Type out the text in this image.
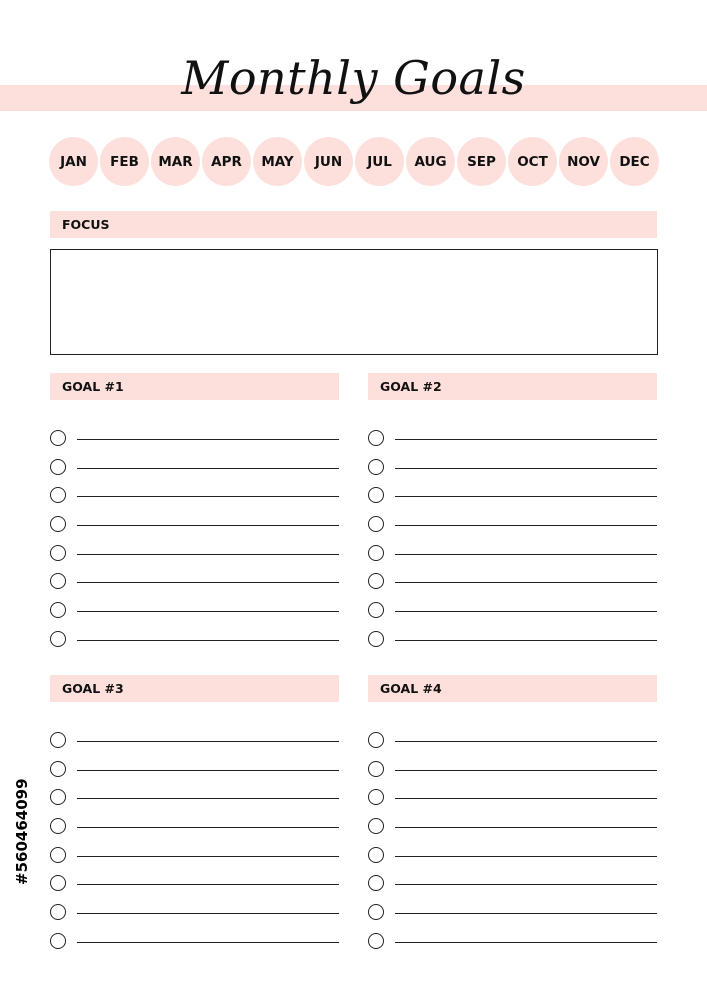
Monthly Goals
JAN	FEB	MAR	APR	MAY	JUN	JUL	AUG	SEP	OCT	NOV	DEC
FOCUS
GOAL #1	GOAL #2
GOAL #3	GOAL #4
#560464099
